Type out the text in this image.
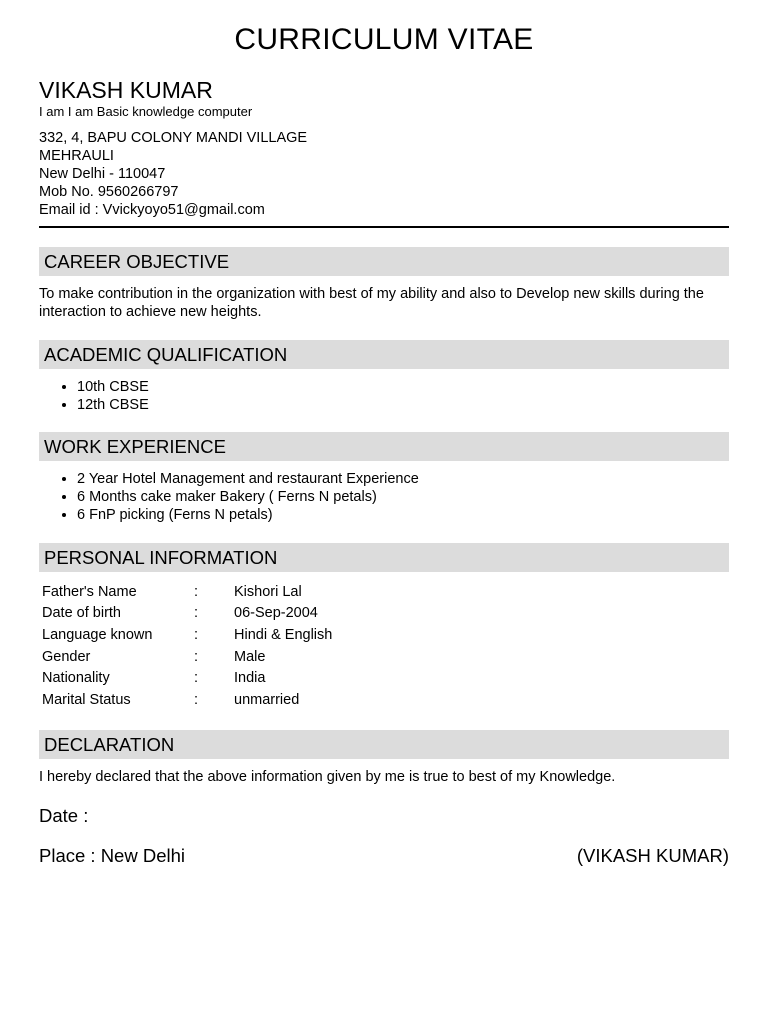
CURRICULUM VITAE
VIKASH KUMAR
I am I am Basic knowledge computer
332, 4, BAPU COLONY MANDI VILLAGE
MEHRAULI
New Delhi - 110047
Mob No. 9560266797
Email id : Vvickyoyo51@gmail.com
CAREER OBJECTIVE
To make contribution in the organization with best of my ability and also to Develop new skills during the interaction to achieve new heights.
ACADEMIC QUALIFICATION
• 10th CBSE
• 12th CBSE
WORK EXPERIENCE
• 2 Year Hotel Management and restaurant Experience
• 6 Months cake maker Bakery ( Ferns N petals)
• 6 FnP picking (Ferns N petals)
PERSONAL INFORMATION
Father's Name	:	Kishori Lal
Date of birth	:	06-Sep-2004
Language known	:	Hindi & English
Gender	:	Male
Nationality	:	India
Marital Status	:	unmarried
DECLARATION
I hereby declared that the above information given by me is true to best of my Knowledge.
Date :
Place : New Delhi	(VIKASH KUMAR)
